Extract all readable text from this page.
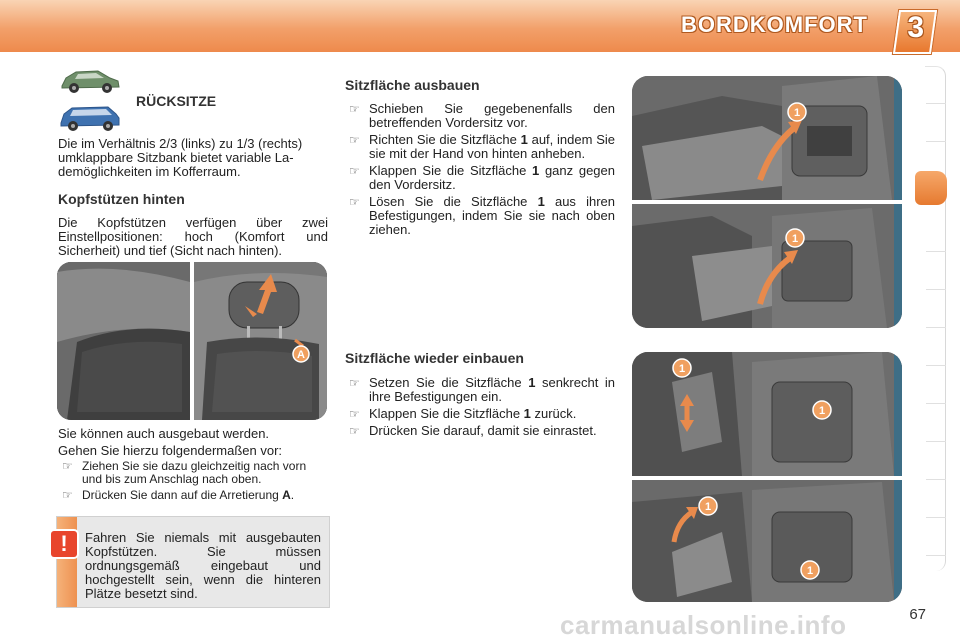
BORDKOMFORT 3
RÜCKSITZE

Die im Verhältnis 2/3 (links) zu 1/3 (rechts) umklappbare Sitzbank bietet variable Lademöglichkeiten im Kofferraum.

Kopfstützen hinten

Die Kopfstützen verfügen über zwei Einstellpositionen: hoch (Komfort und Sicherheit) und tief (Sicht nach hinten).

A

Sie können auch ausgebaut werden.

Gehen Sie hierzu folgendermaßen vor:

☞ Ziehen Sie sie dazu gleichzeitig nach vorn und bis zum Anschlag nach oben.
☞ Drücken Sie dann auf die Arretierung A.
!	Fahren Sie niemals mit ausgebauten Kopfstützen. Sie müssen ordnungsgemäß eingebaut und hochgestellt sein, wenn die hinteren Plätze besetzt sind.

Sitzfläche ausbauen
☞ Schieben Sie gegebenenfalls den betreffenden Vordersitz vor.
☞ Richten Sie die Sitzfläche 1 auf, indem Sie sie mit der Hand von hinten anheben.
☞ Klappen Sie die Sitzfläche 1 ganz gegen den Vordersitz.
☞ Lösen Sie die Sitzfläche 1 aus ihren Befestigungen, indem Sie sie nach oben ziehen.
Sitzfläche wieder einbauen
☞ Setzen Sie die Sitzfläche 1 senkrecht in ihre Befestigungen ein.
☞ Klappen Sie die Sitzfläche 1 zurück.
☞ Drücken Sie darauf, damit sie einrastet.
1
1
1
1
1
1
carmanualsonline.info	67
